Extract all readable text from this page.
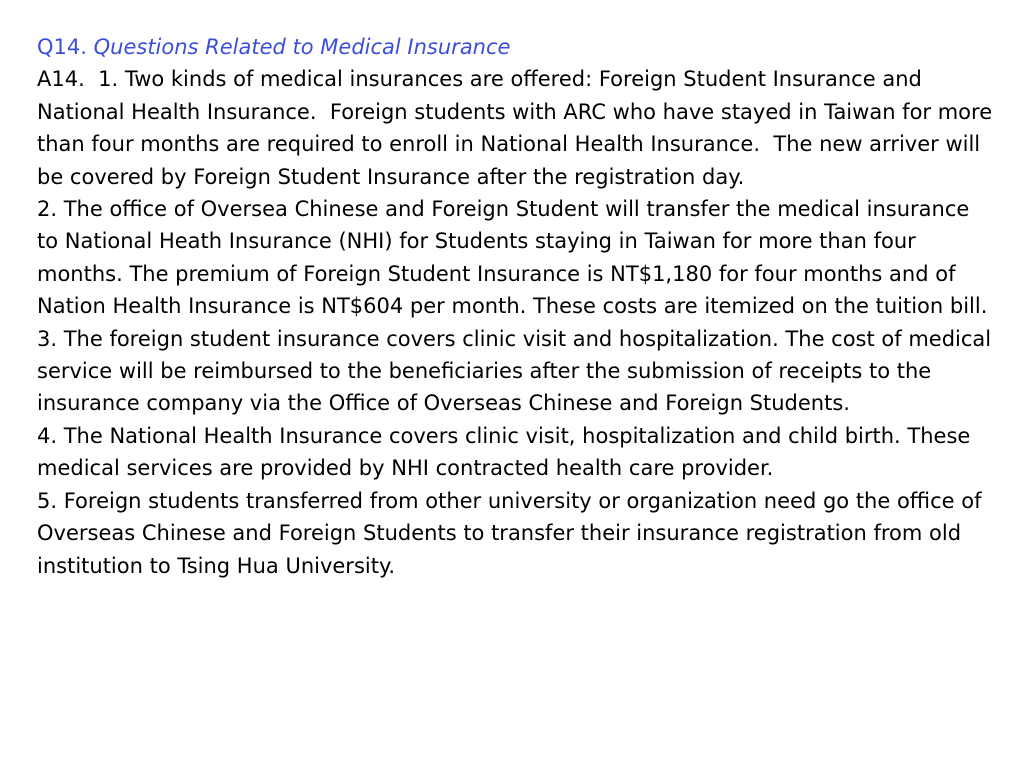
Q14. Questions Related to Medical Insurance

A14. 1. Two kinds of medical insurances are offered: Foreign Student Insurance and National Health Insurance.  Foreign students with ARC who have stayed in Taiwan for more than four months are required to enroll in National Health Insurance.  The new arriver will be covered by Foreign Student Insurance after the registration day.

2. The office of Oversea Chinese and Foreign Student will transfer the medical insurance to National Heath Insurance (NHI) for Students staying in Taiwan for more than four months. The premium of Foreign Student Insurance is NT$1,180 for four months and of Nation Health Insurance is NT$604 per month. These costs are itemized on the tuition bill.

3. The foreign student insurance covers clinic visit and hospitalization. The cost of medical service will be reimbursed to the beneficiaries after the submission of receipts to the insurance company via the Office of Overseas Chinese and Foreign Students.

4. The National Health Insurance covers clinic visit, hospitalization and child birth. These medical services are provided by NHI contracted health care provider.

5. Foreign students transferred from other university or organization need go the office of Overseas Chinese and Foreign Students to transfer their insurance registration from old institution to Tsing Hua University.
